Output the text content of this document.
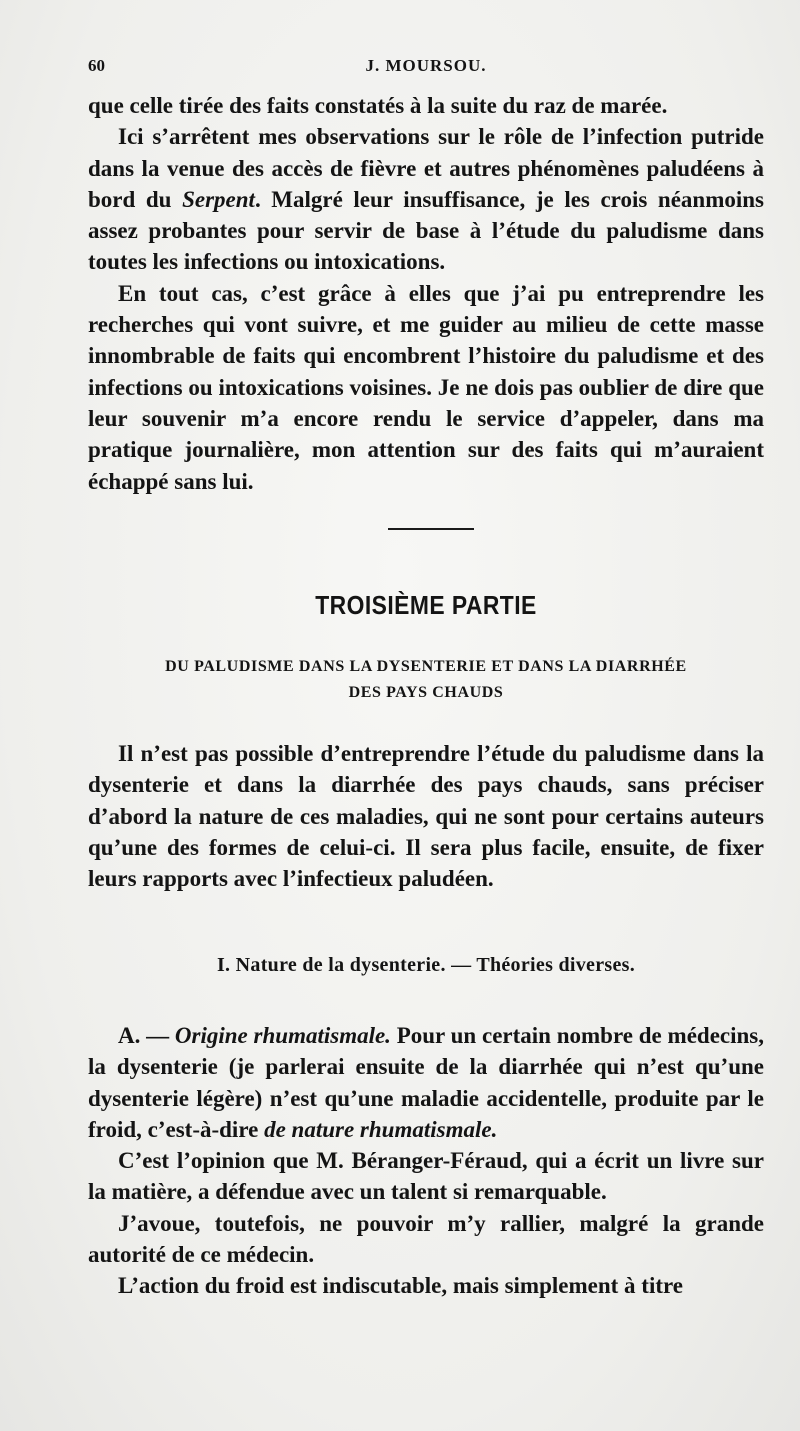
60	J. MOURSOU.

que celle tirée des faits constatés à la suite du raz de marée.

Ici s’arrêtent mes observations sur le rôle de l’infection putride dans la venue des accès de fièvre et autres phénomènes paludéens à bord du Serpent. Malgré leur insuffisance, je les crois néanmoins assez probantes pour servir de base à l’étude du paludisme dans toutes les infections ou intoxications.

En tout cas, c’est grâce à elles que j’ai pu entreprendre les recherches qui vont suivre, et me guider au milieu de cette masse innombrable de faits qui encombrent l’histoire du paludisme et des infections ou intoxications voisines. Je ne dois pas oublier de dire que leur souvenir m’a encore rendu le service d’appeler, dans ma pratique journalière, mon attention sur des faits qui m’auraient échappé sans lui.

TROISIÈME PARTIE
DU PALUDISME DANS LA DYSENTERIE ET DANS LA DIARRHÉE
DES PAYS CHAUDS

Il n’est pas possible d’entreprendre l’étude du paludisme dans la dysenterie et dans la diarrhée des pays chauds, sans préciser d’abord la nature de ces maladies, qui ne sont pour certains auteurs qu’une des formes de celui-ci. Il sera plus facile, ensuite, de fixer leurs rapports avec l’infectieux paludéen.

I. Nature de la dysenterie. — Théories diverses.

A. — Origine rhumatismale. Pour un certain nombre de médecins, la dysenterie (je parlerai ensuite de la diarrhée qui n’est qu’une dysenterie légère) n’est qu’une maladie accidentelle, produite par le froid, c’est-à-dire de nature rhumatismale.

C’est l’opinion que M. Béranger-Féraud, qui a écrit un livre sur la matière, a défendue avec un talent si remarquable.

J’avoue, toutefois, ne pouvoir m’y rallier, malgré la grande autorité de ce médecin.

L’action du froid est indiscutable, mais simplement à titre
